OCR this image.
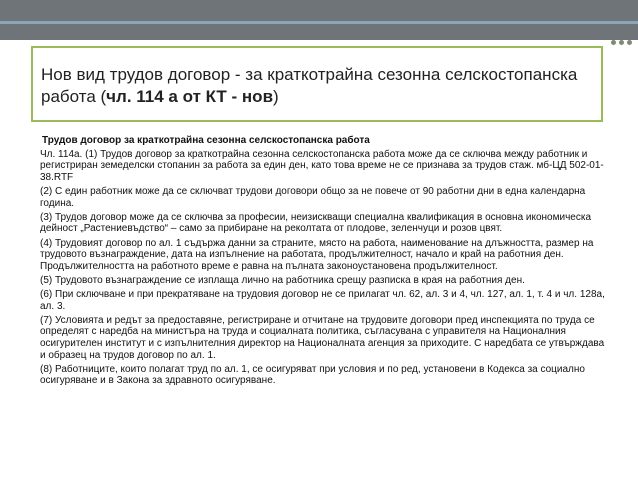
Нов вид трудов договор - за краткотрайна сезонна селскостопанска работа (чл. 114 а от КТ - нов)
Трудов договор за краткотрайна сезонна селскостопанска работа
Чл. 114а. (1) Трудов договор за краткотрайна сезонна селскостопанска работа може да се сключва между работник и регистриран земеделски стопанин за работа за един ден, като това време не се признава за трудов стаж. мб-ЦД 502-01-38.RTF
(2) С един работник може да се сключват трудови договори общо за не повече от 90 работни дни в една календарна година.
(3) Трудов договор може да се сключва за професии, неизискващи специална квалификация в основна икономическа дейност „Растениевъдство“ – само за прибиране на реколтата от плодове, зеленчуци и розов цвят.
(4) Трудовият договор по ал. 1 съдържа данни за страните, място на работа, наименование на длъжността, размер на трудовото възнаграждение, дата на изпълнение на работата, продължителност, начало и край на работния ден. Продължителността на работното време е равна на пълната законоустановена продължителност.
(5) Трудовото възнаграждение се изплаща лично на работника срещу разписка в края на работния ден.
(6) При сключване и при прекратяване на трудовия договор не се прилагат чл. 62, ал. 3 и 4, чл. 127, ал. 1, т. 4 и чл. 128а, ал. 3.
(7) Условията и редът за предоставяне, регистриране и отчитане на трудовите договори пред инспекцията по труда се определят с наредба на министъра на труда и социалната политика, съгласувана с управителя на Националния осигурителен институт и с изпълнителния директор на Националната агенция за приходите. С наредбата се утвърждава и образец на трудов договор по ал. 1.
(8) Работниците, които полагат труд по ал. 1, се осигуряват при условия и по ред, установени в Кодекса за социално осигуряване и в Закона за здравното осигуряване.
